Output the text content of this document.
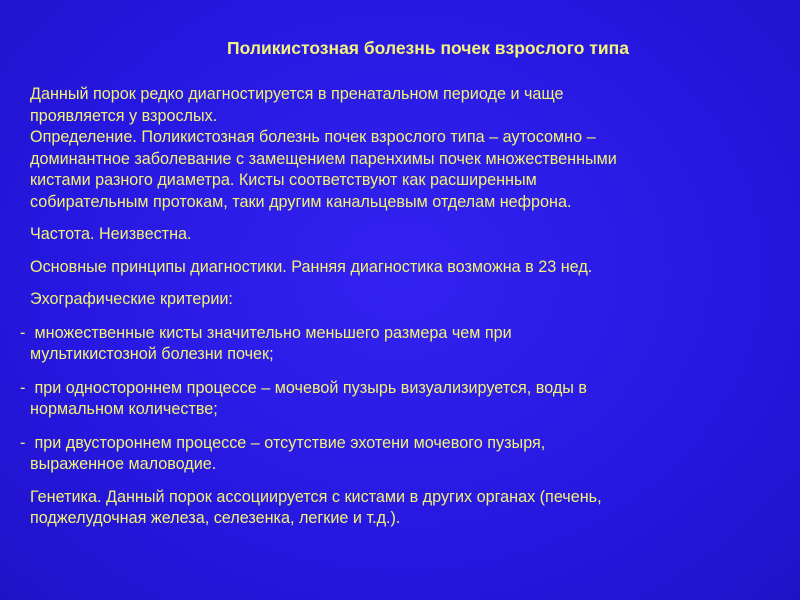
Поликистозная болезнь почек взрослого типа
Данный порок редко диагностируется в пренатальном периоде и чаще
проявляется у взрослых.
Определение. Поликистозная болезнь почек взрослого типа – аутосомно –
доминантное заболевание с замещением паренхимы почек множественными
кистами разного диаметра. Кисты соответствуют как расширенным
собирательным протокам, таки другим канальцевым отделам нефрона.
Частота. Неизвестна.
Основные принципы диагностики. Ранняя диагностика возможна в 23 нед.
Эхографические критерии:
- множественные кисты значительно меньшего размера чем при
мультикистозной болезни почек;
- при одностороннем процессе – мочевой пузырь визуализируется, воды в
нормальном количестве;
- при двустороннем процессе – отсутствие эхотени мочевого пузыря,
выраженное маловодие.
Генетика. Данный порок ассоциируется с кистами в других органах (печень,
поджелудочная железа, селезенка, легкие и т.д.).
